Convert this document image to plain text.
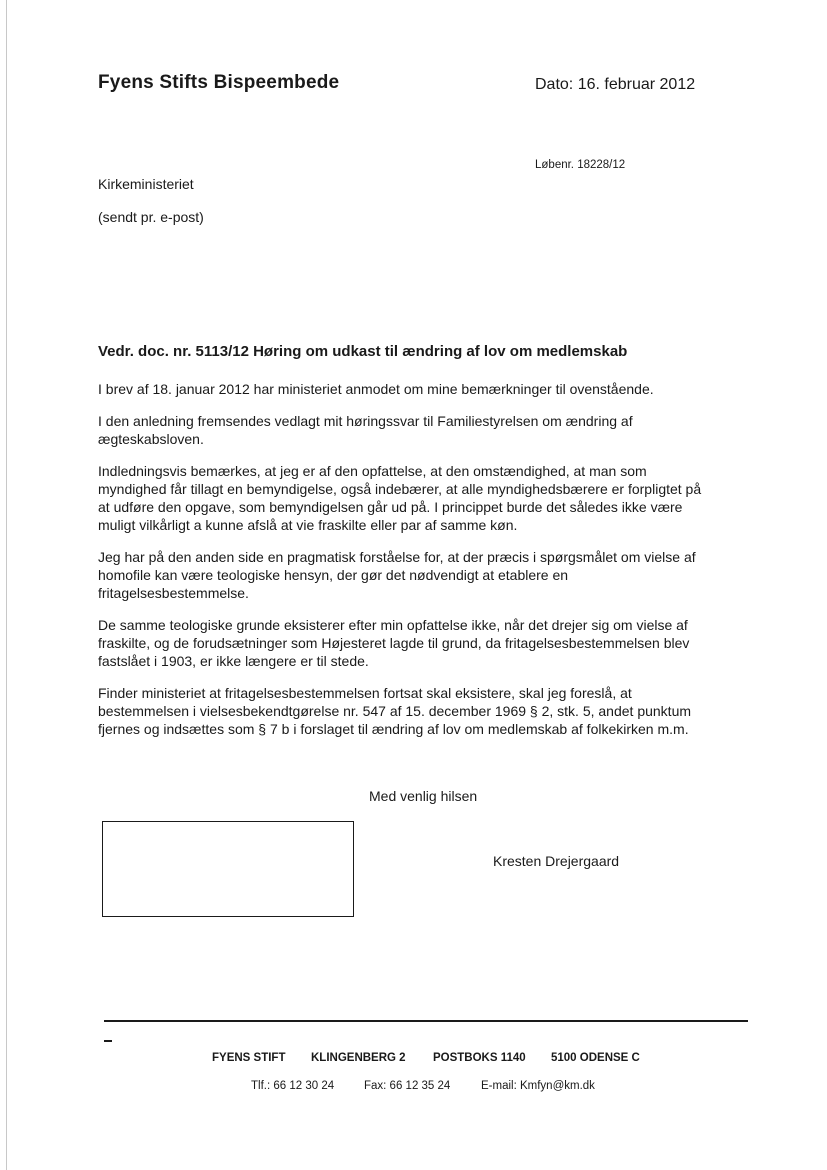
Fyens Stifts Bispeembede	Dato: 16. februar 2012
Løbenr. 18228/12
Kirkeministeriet
(sendt pr. e-post)
Vedr. doc. nr. 5113/12 Høring om udkast til ændring af lov om medlemskab

I brev af 18. januar 2012 har ministeriet anmodet om mine bemærkninger til ovenstående.

I den anledning fremsendes vedlagt mit høringssvar til Familiestyrelsen om ændring af
ægteskabsloven.

Indledningsvis bemærkes, at jeg er af den opfattelse, at den omstændighed, at man som
myndighed får tillagt en bemyndigelse, også indebærer, at alle myndighedsbærere er forpligtet på
at udføre den opgave, som bemyndigelsen går ud på. I princippet burde det således ikke være
muligt vilkårligt a kunne afslå at vie fraskilte eller par af samme køn.

Jeg har på den anden side en pragmatisk forståelse for, at der præcis i spørgsmålet om vielse af
homofile kan være teologiske hensyn, der gør det nødvendigt at etablere en
fritagelsesbestemmelse.

De samme teologiske grunde eksisterer efter min opfattelse ikke, når det drejer sig om vielse af
fraskilte, og de forudsætninger som Højesteret lagde til grund, da fritagelsesbestemmelsen blev
fastslået i 1903, er ikke længere er til stede.

Finder ministeriet at fritagelsesbestemmelsen fortsat skal eksistere, skal jeg foreslå, at
bestemmelsen i vielsesbekendtgørelse nr. 547 af 15. december 1969 § 2, stk. 5, andet punktum
fjernes og indsættes som § 7 b i forslaget til ændring af lov om medlemskab af folkekirken m.m.

Med venlig hilsen
Kresten Drejergaard
FYENS STIFT KLINGENBERG 2 POSTBOKS 1140 5100 ODENSE C
Tlf.: 66 12 30 24	Fax: 66 12 35 24	E-mail: Kmfyn@km.dk
